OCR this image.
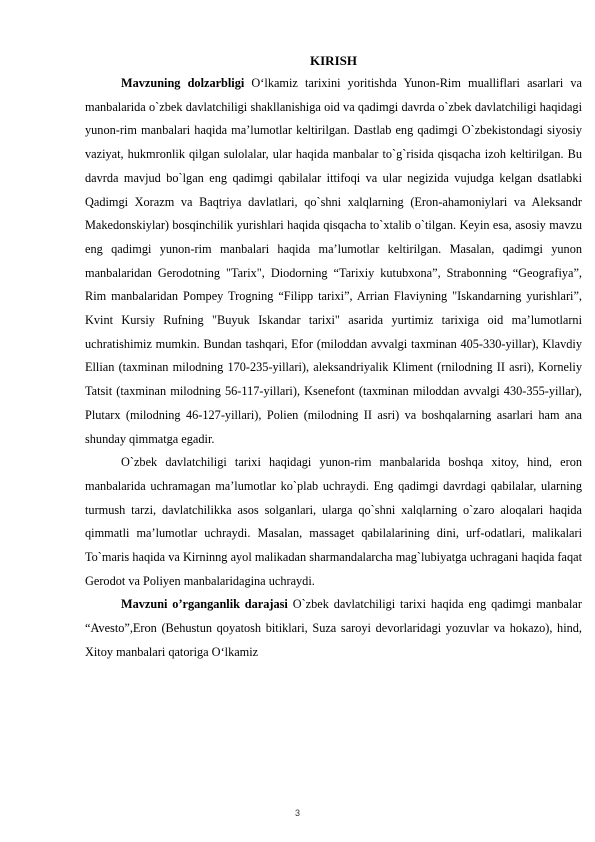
KIRISH

Mavzuning dolzarbligi O‘lkamiz tarixini yoritishda Yunon-Rim mualliflari asarlari va manbalarida o`zbek davlatchiligi shakllanishiga oid va qadimgi davrda o`zbek davlatchiligi haqidagi yunon-rim manbalari haqida ma’lumotlar keltirilgan. Dastlab eng qadimgi O`zbekistondagi siyosiy vaziyat, hukmronlik qilgan sulolalar, ular haqida manbalar to`g`risida qisqacha izoh keltirilgan. Bu davrda mavjud bo`lgan eng qadimgi qabilalar ittifoqi va ular negizida vujudga kelgan dsatlabki Qadimgi Xorazm va Baqtriya davlatlari, qo`shni xalqlarning (Eron-ahamoniylari va Aleksandr Makedonskiylar) bosqinchilik yurishlari haqida qisqacha to`xtalib o`tilgan. Keyin esa, asosiy mavzu eng qadimgi yunon-rim manbalari haqida ma’lumotlar keltirilgan. Masalan, qadimgi yunon manbalaridan Gerodotning "Tarix", Diodorning “Tarixiy kutubxona”, Strabonning “Geografiya”, Rim manbalaridan Pompey Trogning “Filipp tarixi”, Arrian Flaviyning "Iskandarning yurishlari”, Kvint Kursiy Rufning "Buyuk Iskandar tarixi" asarida yurtimiz tarixiga oid ma’lumotlarni uchratishimiz mumkin. Bundan tashqari, Efor (miloddan avvalgi taxminan 405-330-yillar), Klavdiy Ellian (taxminan milodning 170-235-yillari), aleksandriyalik Kliment (rnilodning II asri), Korneliy Tatsit (taxminan milodning 56-117-yillari), Ksenefont (taxminan miloddan avvalgi 430-355-yillar), Plutarx (milodning 46-127-yillari), Polien (milodning II asri) va boshqalarning asarlari ham ana shunday qimmatga egadir.

O`zbek davlatchiligi tarixi haqidagi yunon-rim manbalarida boshqa xitoy, hind, eron manbalarida uchramagan ma’lumotlar ko`plab uchraydi. Eng qadimgi davrdagi qabilalar, ularning turmush tarzi, davlatchilikka asos solganlari, ularga qo`shni xalqlarning o`zaro aloqalari haqida qimmatli ma’lumotlar uchraydi. Masalan, massaget qabilalarining dini, urf-odatlari, malikalari To`maris haqida va Kirninng ayol malikadan sharmandalarcha mag`lubiyatga uchragani haqida faqat Gerodot va Poliyen manbalaridagina uchraydi.

Mavzuni o’rganganlik darajasi O`zbek davlatchiligi tarixi haqida eng qadimgi manbalar “Avesto”,Eron (Behustun qoyatosh bitiklari, Suza saroyi devorlaridagi yozuvlar va hokazo), hind, Xitoy manbalari qatoriga O‘lkamiz

3
